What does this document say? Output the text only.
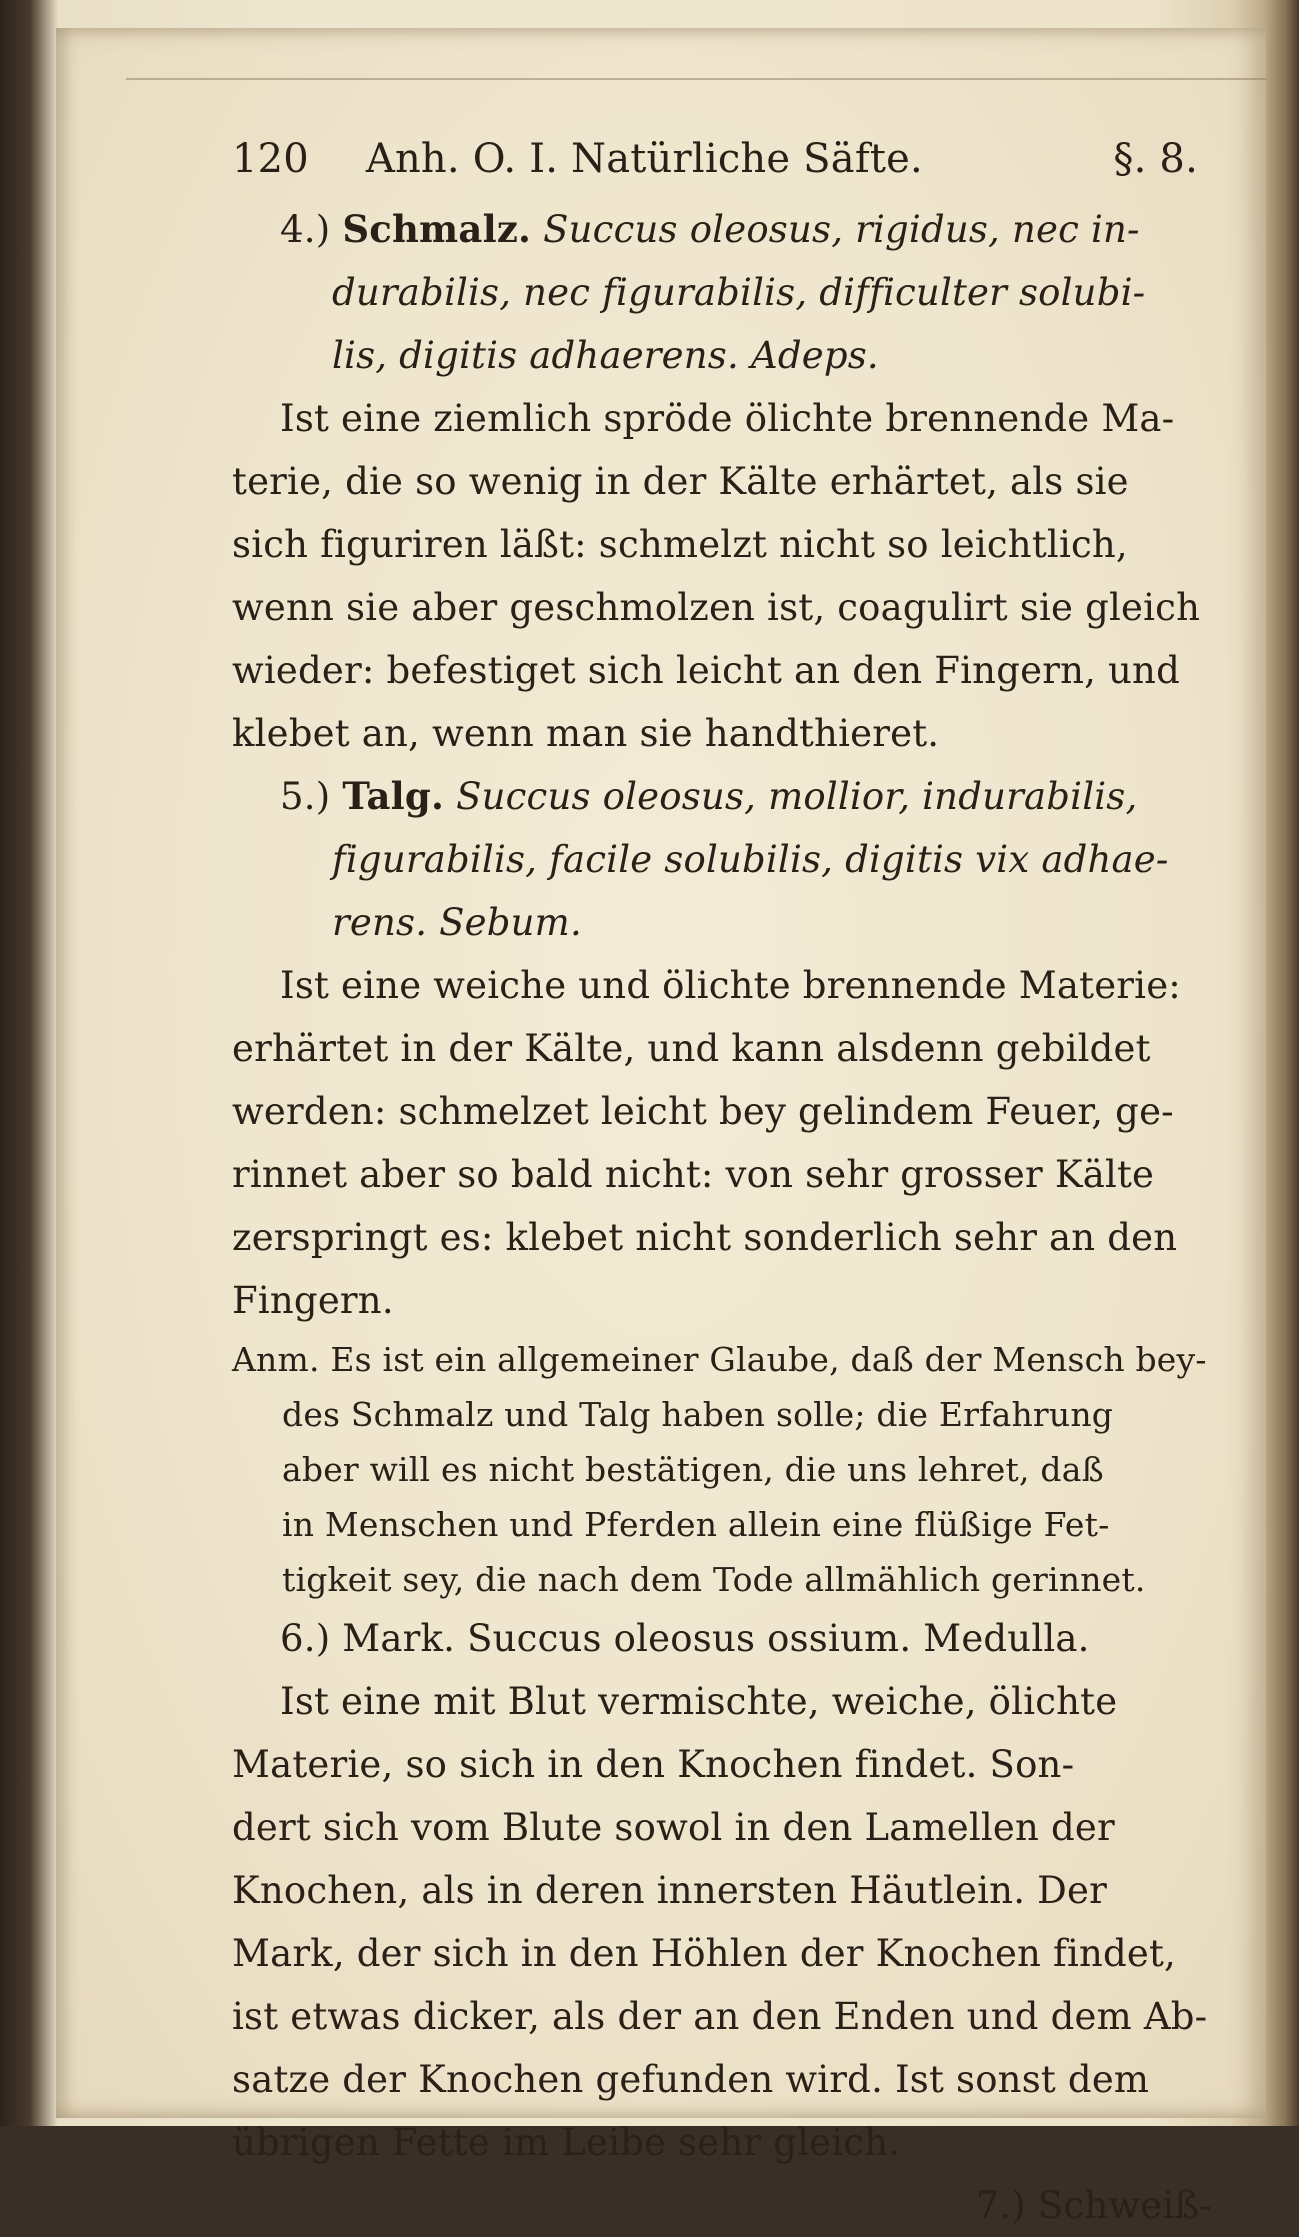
120 Anh. O. I. Natürliche Säfte.	§. 8.
4.) Schmalz. Succus oleosus, rigidus, nec in-
durabilis, nec figurabilis, difficulter solubi-
lis, digitis adhaerens. Adeps.
Ist eine ziemlich spröde ölichte brennende Ma-
terie, die so wenig in der Kälte erhärtet, als sie
sich figuriren läßt: schmelzt nicht so leichtlich,
wenn sie aber geschmolzen ist, coagulirt sie gleich
wieder: befestiget sich leicht an den Fingern, und
klebet an, wenn man sie handthieret.
5.) Talg. Succus oleosus, mollior, indurabilis,
figurabilis, facile solubilis, digitis vix adhae-
rens. Sebum.
Ist eine weiche und ölichte brennende Materie:
erhärtet in der Kälte, und kann alsdenn gebildet
werden: schmelzet leicht bey gelindem Feuer, ge-
rinnet aber so bald nicht: von sehr grosser Kälte
zerspringt es: klebet nicht sonderlich sehr an den
Fingern.
Anm. Es ist ein allgemeiner Glaube, daß der Mensch bey-
des Schmalz und Talg haben solle; die Erfahrung
aber will es nicht bestätigen, die uns lehret, daß
in Menschen und Pferden allein eine flüßige Fet-
tigkeit sey, die nach dem Tode allmählich gerinnet.
6.) Mark. Succus oleosus ossium. Medulla.
Ist eine mit Blut vermischte, weiche, ölichte
Materie, so sich in den Knochen findet. Son-
dert sich vom Blute sowol in den Lamellen der
Knochen, als in deren innersten Häutlein. Der
Mark, der sich in den Höhlen der Knochen findet,
ist etwas dicker, als der an den Enden und dem Ab-
satze der Knochen gefunden wird. Ist sonst dem
übrigen Fette im Leibe sehr gleich.
7.) Schweiß-
